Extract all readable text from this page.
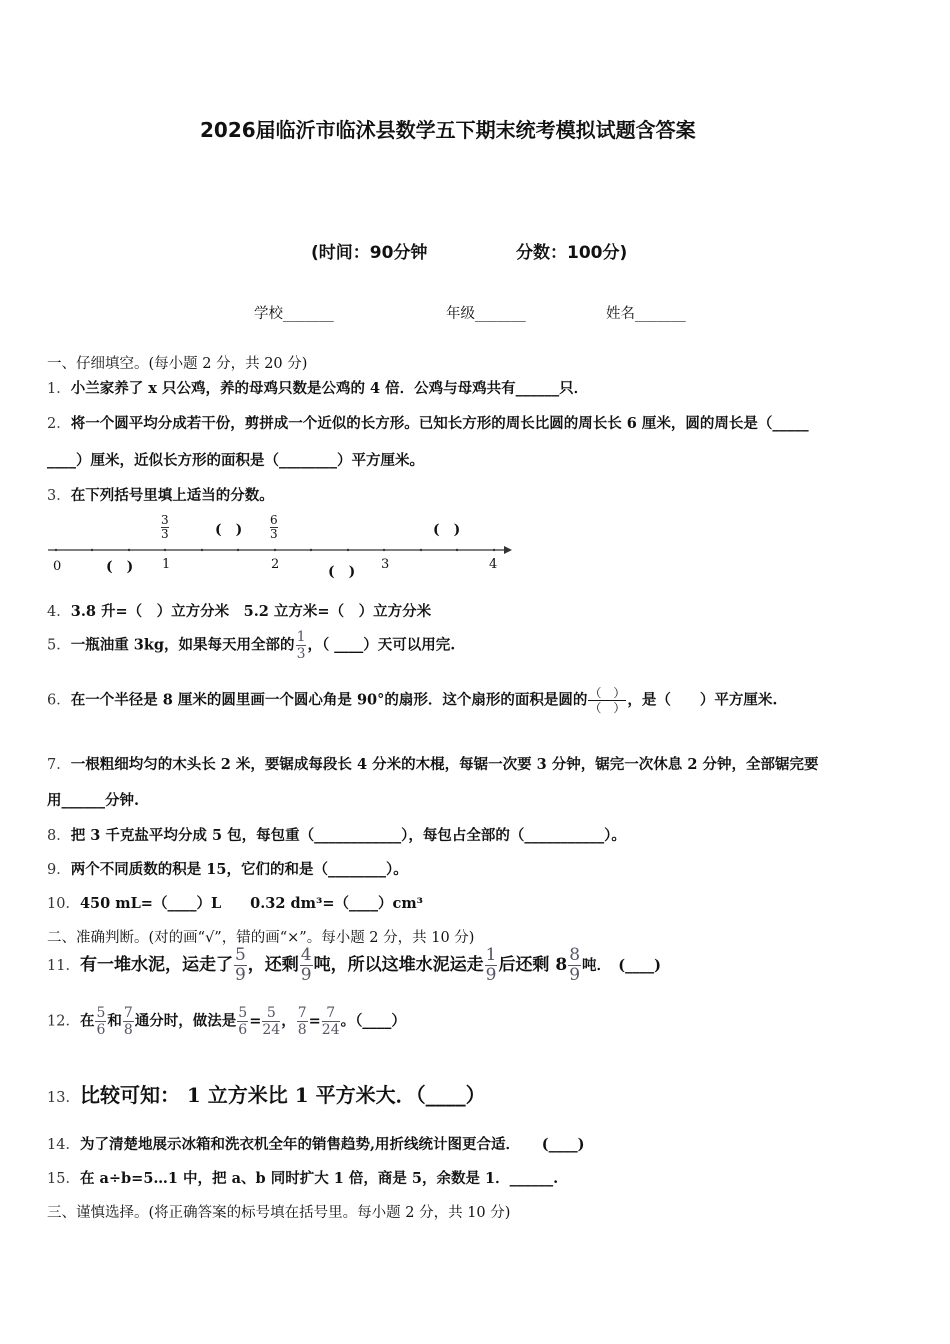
2026届临沂市临沭县数学五下期末统考模拟试题含答案
(时间：90分钟	分数：100分)
学校_______	年级_______	姓名_______
一、仔细填空。(每小题 2 分，共 20 分)
1．小兰家养了 x 只公鸡，养的母鸡只数是公鸡的 4 倍．公鸡与母鸡共有______只．
2．将一个圆平均分成若干份，剪拼成一个近似的长方形。已知长方形的周长比圆的周长长 6 厘米，圆的周长是（_____
____）厘米，近似长方形的面积是（________）平方厘米。
3．在下列括号里填上适当的分数。
0	1	2	3	4
$\frac{3}{3}$	$\frac{6}{3}$
(　)	(　)
(　)	(　)
4．3.8 升=（　）立方分米　5.2 立方米=（　）立方分米
5．一瓶油重 3kg，如果每天用全部的 $\frac{1}{3}$ ，（ ____）天可以用完.
6．在一个半径是 8 厘米的圆里画一个圆心角是 90°的扇形．这个扇形的面积是圆的 $\frac{( )}{( )}$ ，是（　　）平方厘米.
7．一根粗细均匀的木头长 2 米，要锯成每段长 4 分米的木棍，每锯一次要 3 分钟，锯完一次休息 2 分钟，全部锯完要
用______分钟.
8．把 3 千克盐平均分成 5 包，每包重（____________），每包占全部的（___________）。
9．两个不同质数的积是 15，它们的和是（________）。
10．450 mL=（____）L　　0.32 dm³=（____）cm³
二、准确判断。(对的画“√”，错的画“×”。每小题 2 分，共 10 分)
11．有一堆水泥，运走了 $\frac{5}{9}$ ，还剩 $\frac{4}{9}$ 吨，所以这堆水泥运走 $\frac{1}{9}$ 后还剩 $8 \frac{8}{9}$ 吨．　(____)
12．在 $\frac{5}{6}$ 和 $\frac{7}{8}$ 通分时，做法是 $\frac{5}{6} = \frac{5}{24}$ ， $\frac{7}{8} = \frac{7}{24}$ 。（____）
13．比较可知： 1 立方米比 1 平方米大．（____）
14．为了清楚地展示冰箱和洗衣机全年的销售趋势,用折线统计图更合适．　　(____)
15．在 a÷b=5…1 中，把 a、b 同时扩大 1 倍，商是 5，余数是 1．______.
三、谨慎选择。(将正确答案的标号填在括号里。每小题 2 分，共 10 分)
